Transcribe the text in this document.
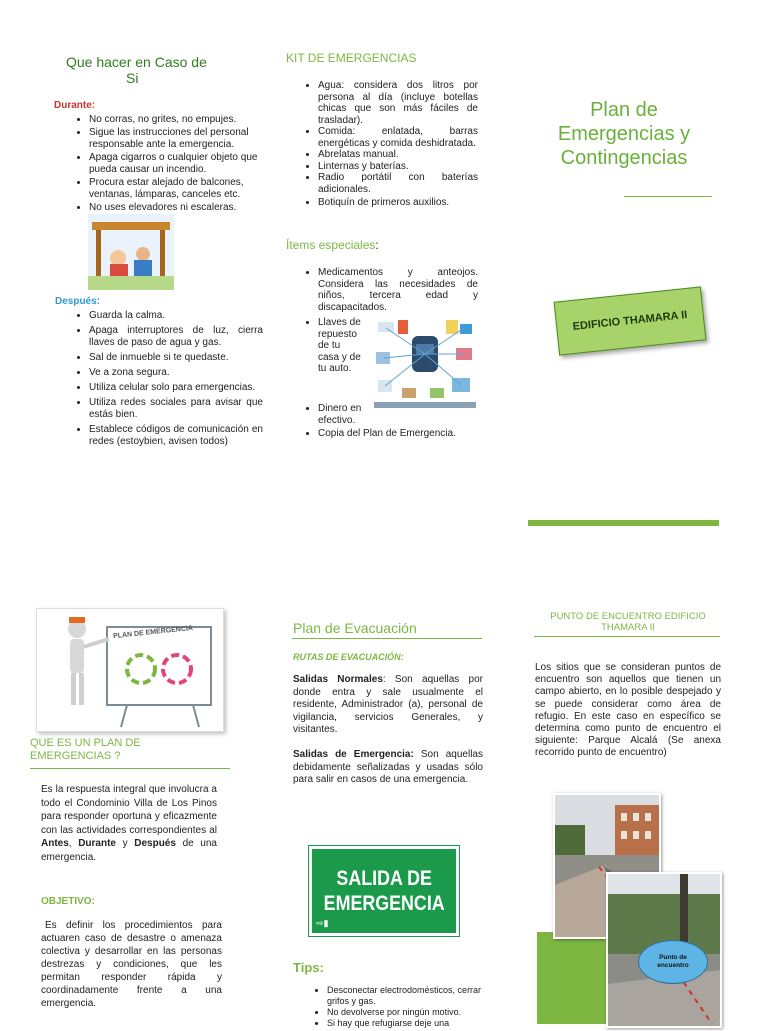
Que hacer en Caso de
Si
Durante:
• No corras, no grites, no empujes.
• Sigue las instrucciones del personal responsable ante la emergencia.
• Apaga cigarros o cualquier objeto que pueda causar un incendio.
• Procura estar alejado de balcones, ventanas, lámparas, canceles etc.
• No uses elevadores ni escaleras.
Después:
• Guarda la calma.
• Apaga interruptores de luz, cierra llaves de paso de agua y gas.
• Sal de inmueble si te quedaste.
• Ve a zona segura.
• Utiliza celular solo para emergencias.
• Utiliza redes sociales para avisar que estás bien.
• Establece códigos de comunicación en redes (estoybien, avisen todos)
KIT DE EMERGENCIAS
• Agua: considera dos litros por persona al día (incluye botellas chicas que son más fáciles de trasladar).
• Comida: enlatada, barras energéticas y comida deshidratada.
• Abrelatas manual.
• Linternas y baterías.
• Radio portátil con baterías adicionales.
• Botiquín de primeros auxilios.
Ítems especiales:
• Medicamentos y anteojos. Considera las necesidades de niños, tercera edad y discapacitados.
• Llaves de repuesto de tu casa y de tu auto.
• Dinero en efectivo.
• Copia del Plan de Emergencia.
Plan de
Emergencias y
Contingencias
EDIFICIO THAMARA II
PLAN DE EMERGENCIA
QUE ES UN PLAN DE EMERGENCIAS ?
Es la respuesta integral que involucra a todo el Condominio Villa de Los Pinos para responder oportuna y eficazmente con las actividades correspondientes al Antes, Durante y Después de una emergencia.
OBJETIVO:
Es definir los procedimientos para actuaren caso de desastre o amenaza colectiva y desarrollar en las personas destrezas y condiciones, que les permitan responder rápida y coordinadamente frente a una emergencia.
Plan de Evacuación
RUTAS DE EVACUACIÓN:
Salidas Normales: Son aquellas por donde entra y sale usualmente el residente, Administrador (a), personal de vigilancia, servicios Generales, y visitantes.
Salidas de Emergencia: Son aquellas debidamente señalizadas y usadas sólo para salir en casos de una emergencia.
SALIDA DE
EMERGENCIA
⇨▮
Tips:
• Desconectar electrodomésticos, cerrar grifos y gas.
• No devolverse por ningún motivo.
• Si hay que refugiarse deje una
PUNTO DE ENCUENTRO EDIFICIO THAMARA II
Los sitios que se consideran puntos de encuentro son aquellos que tienen un campo abierto, en lo posible despejado y se puede considerar como área de refugio. En este caso en específico se determina como punto de encuentro el siguiente: Parque Alcalá (Se anexa recorrido punto de encuentro)
Punto de encuentro
